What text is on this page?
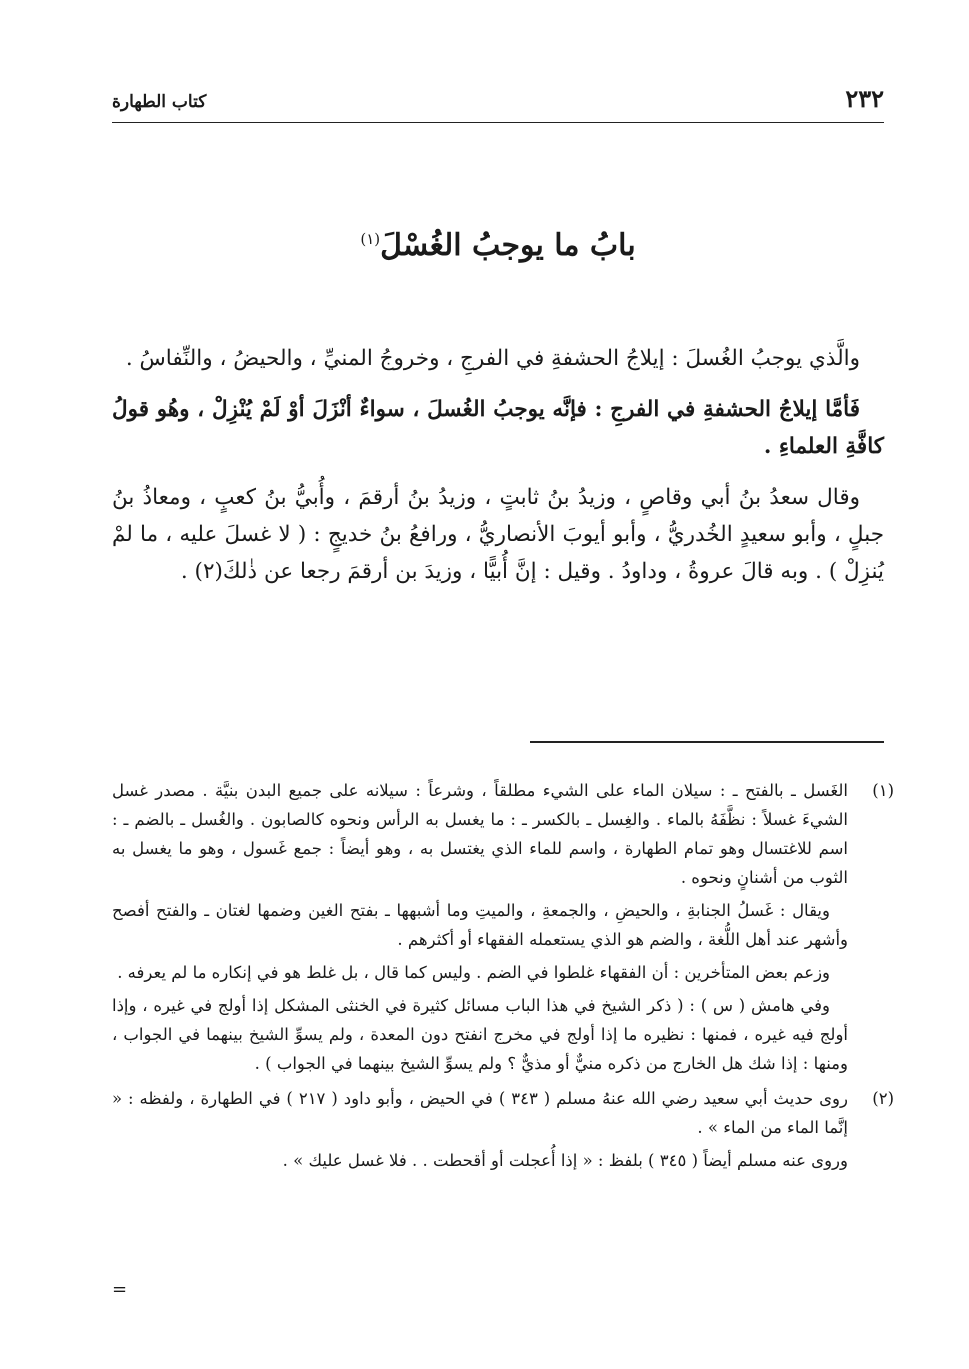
٢٣٢
كتاب الطهارة
بابُ ما يوجبُ الغُسْلَ$^{(١)}$

والَّذي يوجبُ الغُسلَ : إيلاجُ الحشفةِ في الفرجِ ، وخروجُ المنيِّ ، والحيضُ ، والنِّفاسُ .

فَأمَّا إيلاجُ الحشفةِ في الفرجِ : فإنَّه يوجبُ الغُسلَ ، سواءٌ أنْزَلَ أوْ لَمْ يُنْزِلْ ، وهُو قولُ كافَّةِ العلماءِ .

وقال سعدُ بنُ أبي وقاصٍ ، وزيدُ بنُ ثابتٍ ، وزيدُ بنُ أرقمَ ، وأُبيُّ بنُ كعبٍ ، ومعاذُ بنُ جبلٍ ، وأبو سعيدٍ الخُدريُّ ، وأبو أيوبَ الأنصاريُّ ، ورافعُ بنُ خديجٍ : ( لا غسلَ عليه ، ما لمْ يُنزِلْ ) . وبه قالَ عروةُ ، وداودُ . وقيل : إنَّ أُبيًّا ، وزيدَ بن أرقمَ رجعا عن ذٰلكَ(٢) .

(١)

الغَسل ـ بالفتح ـ : سيلان الماء على الشيء مطلقاً ، وشرعاً : سيلانه على جميع البدن بنيَّة . مصدر غسل الشيءَ غسلاً : نظَّفَهُ بالماء . والغِسل ـ بالكسر ـ : ما يغسل به الرأس ونحوه كالصابون . والغُسل ـ بالضم ـ : اسم للاغتسال وهو تمام الطهارة ، واسم للماء الذي يغتسل به ، وهو أيضاً : جمع غَسول ، وهو ما يغسل به الثوب من أشنانٍ ونحوه .

ويقال : غَسلُ الجنابةِ ، والحيضِ ، والجمعةِ ، والميتِ وما أشبهها ـ بفتح الغين وضمها لغتان ـ والفتح أفصح وأشهر عند أهل اللُّغة ، والضم هو الذي يستعمله الفقهاء أو أكثرهم .

وزعم بعض المتأخرين : أن الفقهاء غلطوا في الضم . وليس كما قال ، بل غلط هو في إنكاره ما لم يعرفه .

وفي هامش ( س ) : ( ذكر الشيخ في هذا الباب مسائل كثيرة في الخنثى المشكل إذا أولج في غيره ، وإذا أولج فيه غيره ، فمنها : نظيره ما إذا أولج في مخرج انفتح دون المعدة ، ولم يسوِّ الشيخ بينهما في الجواب ، ومنها : إذا شك هل الخارج من ذكره منيٌّ أو مذيٌّ ؟ ولم يسوِّ الشيخ بينهما في الجواب ) .

(٢)

روى حديث أبي سعيد رضي الله عنهُ مسلم ( ٣٤٣ ) في الحيض ، وأبو داود ( ٢١٧ ) في الطهارة ، ولفظه : « إنَّما الماء من الماء » .

وروى عنه مسلم أيضاً ( ٣٤٥ ) بلفظ : « إذا أُعجلت أو أقحطت . . فلا غسل عليك » .

=
